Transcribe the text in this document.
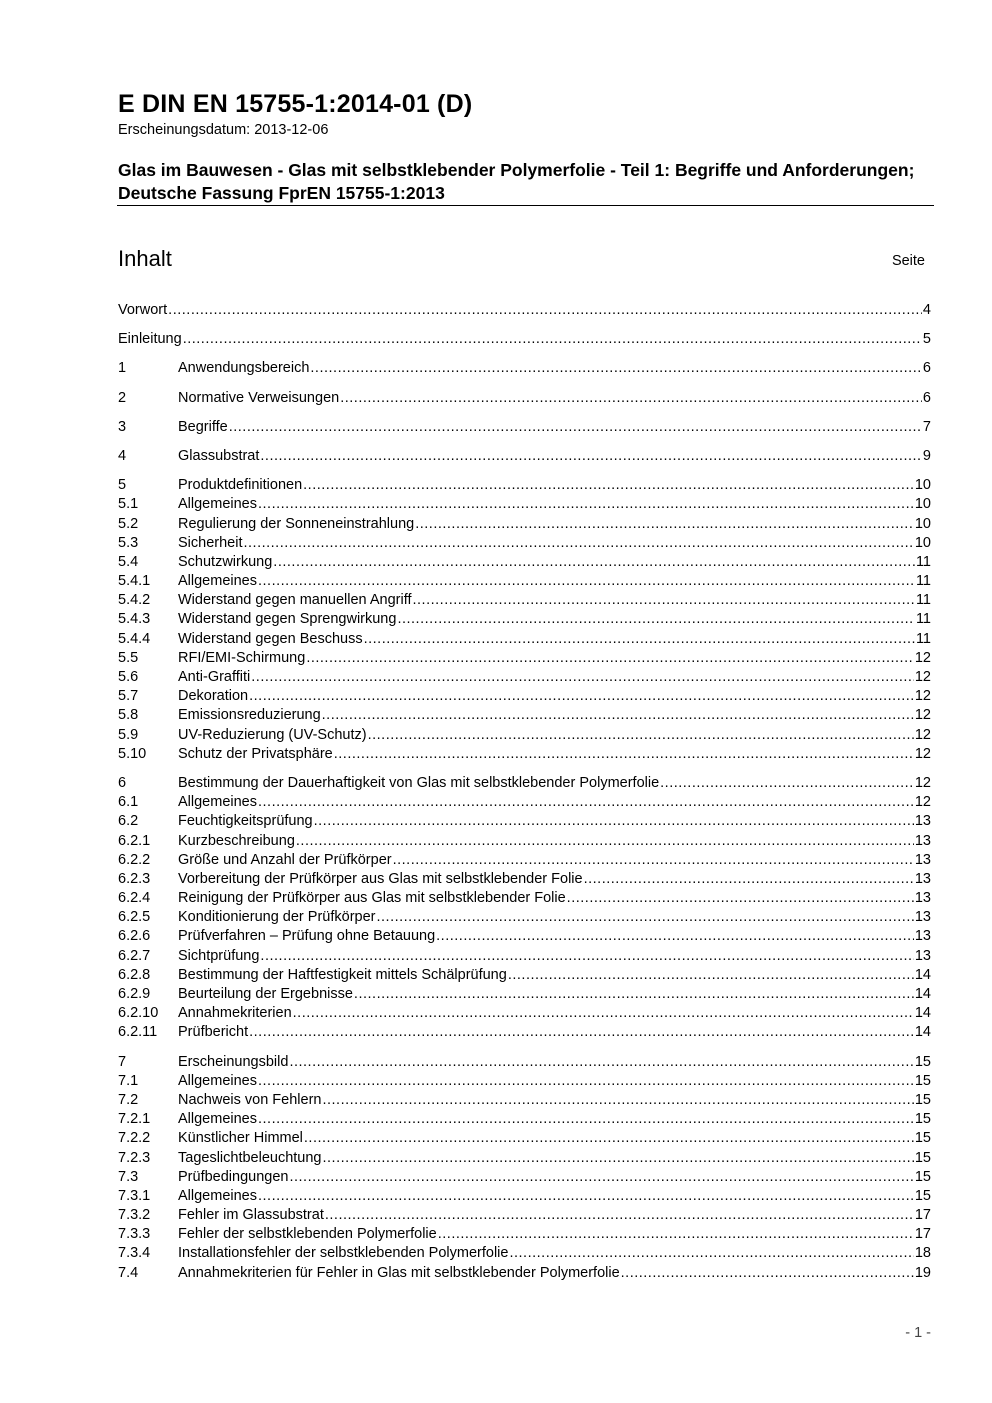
E DIN EN 15755-1:2014-01 (D)
Erscheinungsdatum: 2013-12-06
Glas im Bauwesen - Glas mit selbstklebender Polymerfolie - Teil 1: Begriffe und Anforderungen; Deutsche Fassung FprEN 15755-1:2013
Inhalt	Seite
Vorwort .....	4
Einleitung .....	5
1	Anwendungsbereich .....	6
2	Normative Verweisungen .....	6
3	Begriffe .....	7
4	Glassubstrat .....	9
5	Produktdefinitionen .....	10
5.1	Allgemeines .....	10
5.2	Regulierung der Sonneneinstrahlung .....	10
5.3	Sicherheit .....	10
5.4	Schutzwirkung .....	11
5.4.1	Allgemeines .....	11
5.4.2	Widerstand gegen manuellen Angriff .....	11
5.4.3	Widerstand gegen Sprengwirkung .....	11
5.4.4	Widerstand gegen Beschuss .....	11
5.5	RFI/EMI-Schirmung .....	12
5.6	Anti-Graffiti .....	12
5.7	Dekoration .....	12
5.8	Emissionsreduzierung .....	12
5.9	UV-Reduzierung (UV-Schutz) .....	12
5.10	Schutz der Privatsphäre .....	12
6	Bestimmung der Dauerhaftigkeit von Glas mit selbstklebender Polymerfolie .....	12
6.1	Allgemeines .....	12
6.2	Feuchtigkeitsprüfung .....	13
6.2.1	Kurzbeschreibung .....	13
6.2.2	Größe und Anzahl der Prüfkörper .....	13
6.2.3	Vorbereitung der Prüfkörper aus Glas mit selbstklebender Folie .....	13
6.2.4	Reinigung der Prüfkörper aus Glas mit selbstklebender Folie .....	13
6.2.5	Konditionierung der Prüfkörper .....	13
6.2.6	Prüfverfahren – Prüfung ohne Betauung .....	13
6.2.7	Sichtprüfung .....	13
6.2.8	Bestimmung der Haftfestigkeit mittels Schälprüfung .....	14
6.2.9	Beurteilung der Ergebnisse .....	14
6.2.10	Annahmekriterien .....	14
6.2.11	Prüfbericht .....	14
7	Erscheinungsbild .....	15
7.1	Allgemeines .....	15
7.2	Nachweis von Fehlern .....	15
7.2.1	Allgemeines .....	15
7.2.2	Künstlicher Himmel .....	15
7.2.3	Tageslichtbeleuchtung .....	15
7.3	Prüfbedingungen .....	15
7.3.1	Allgemeines .....	15
7.3.2	Fehler im Glassubstrat .....	17
7.3.3	Fehler der selbstklebenden Polymerfolie .....	17
7.3.4	Installationsfehler der selbstklebenden Polymerfolie .....	18
7.4	Annahmekriterien für Fehler in Glas mit selbstklebender Polymerfolie .....	19
- 1 -
